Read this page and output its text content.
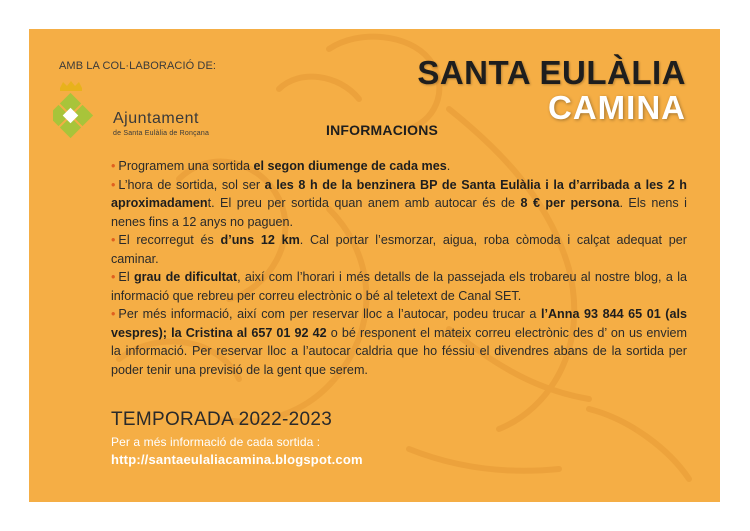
AMB LA COL·LABORACIÓ DE:
Ajuntament
de Santa Eulàlia de Ronçana
SANTA EULÀLIA
CAMINA
INFORMACIONS

• Programem una sortida el segon diumenge de cada mes.

• L’hora de sortida, sol ser a les 8 h de la benzinera BP de Santa Eulàlia i la d’arribada a les 2 h aproximadament. El preu per sortida quan anem amb autocar és de 8 € per persona. Els nens i nenes fins a 12 anys no paguen.

• El recorregut és d’uns 12 km. Cal portar l’esmorzar, aigua, roba còmoda i calçat adequat per caminar.

• El grau de dificultat, així com l’horari i més detalls de la passejada els trobareu al nostre blog, a la informació que rebreu per correu electrònic o bé al teletext de Canal SET.

• Per més informació, així com per reservar lloc a l’autocar, podeu trucar a l’Anna 93 844 65 01 (als vespres); la Cristina al 657 01 92 42 o bé responent el mateix correu electrònic des d’ on us enviem la informació. Per reservar lloc a l’autocar caldria que ho féssiu el divendres abans de la sortida per poder tenir una previsió de la gent que serem.

TEMPORADA 2022-2023
Per a més informació de cada sortida :
http://santaeulaliacamina.blogspot.com
